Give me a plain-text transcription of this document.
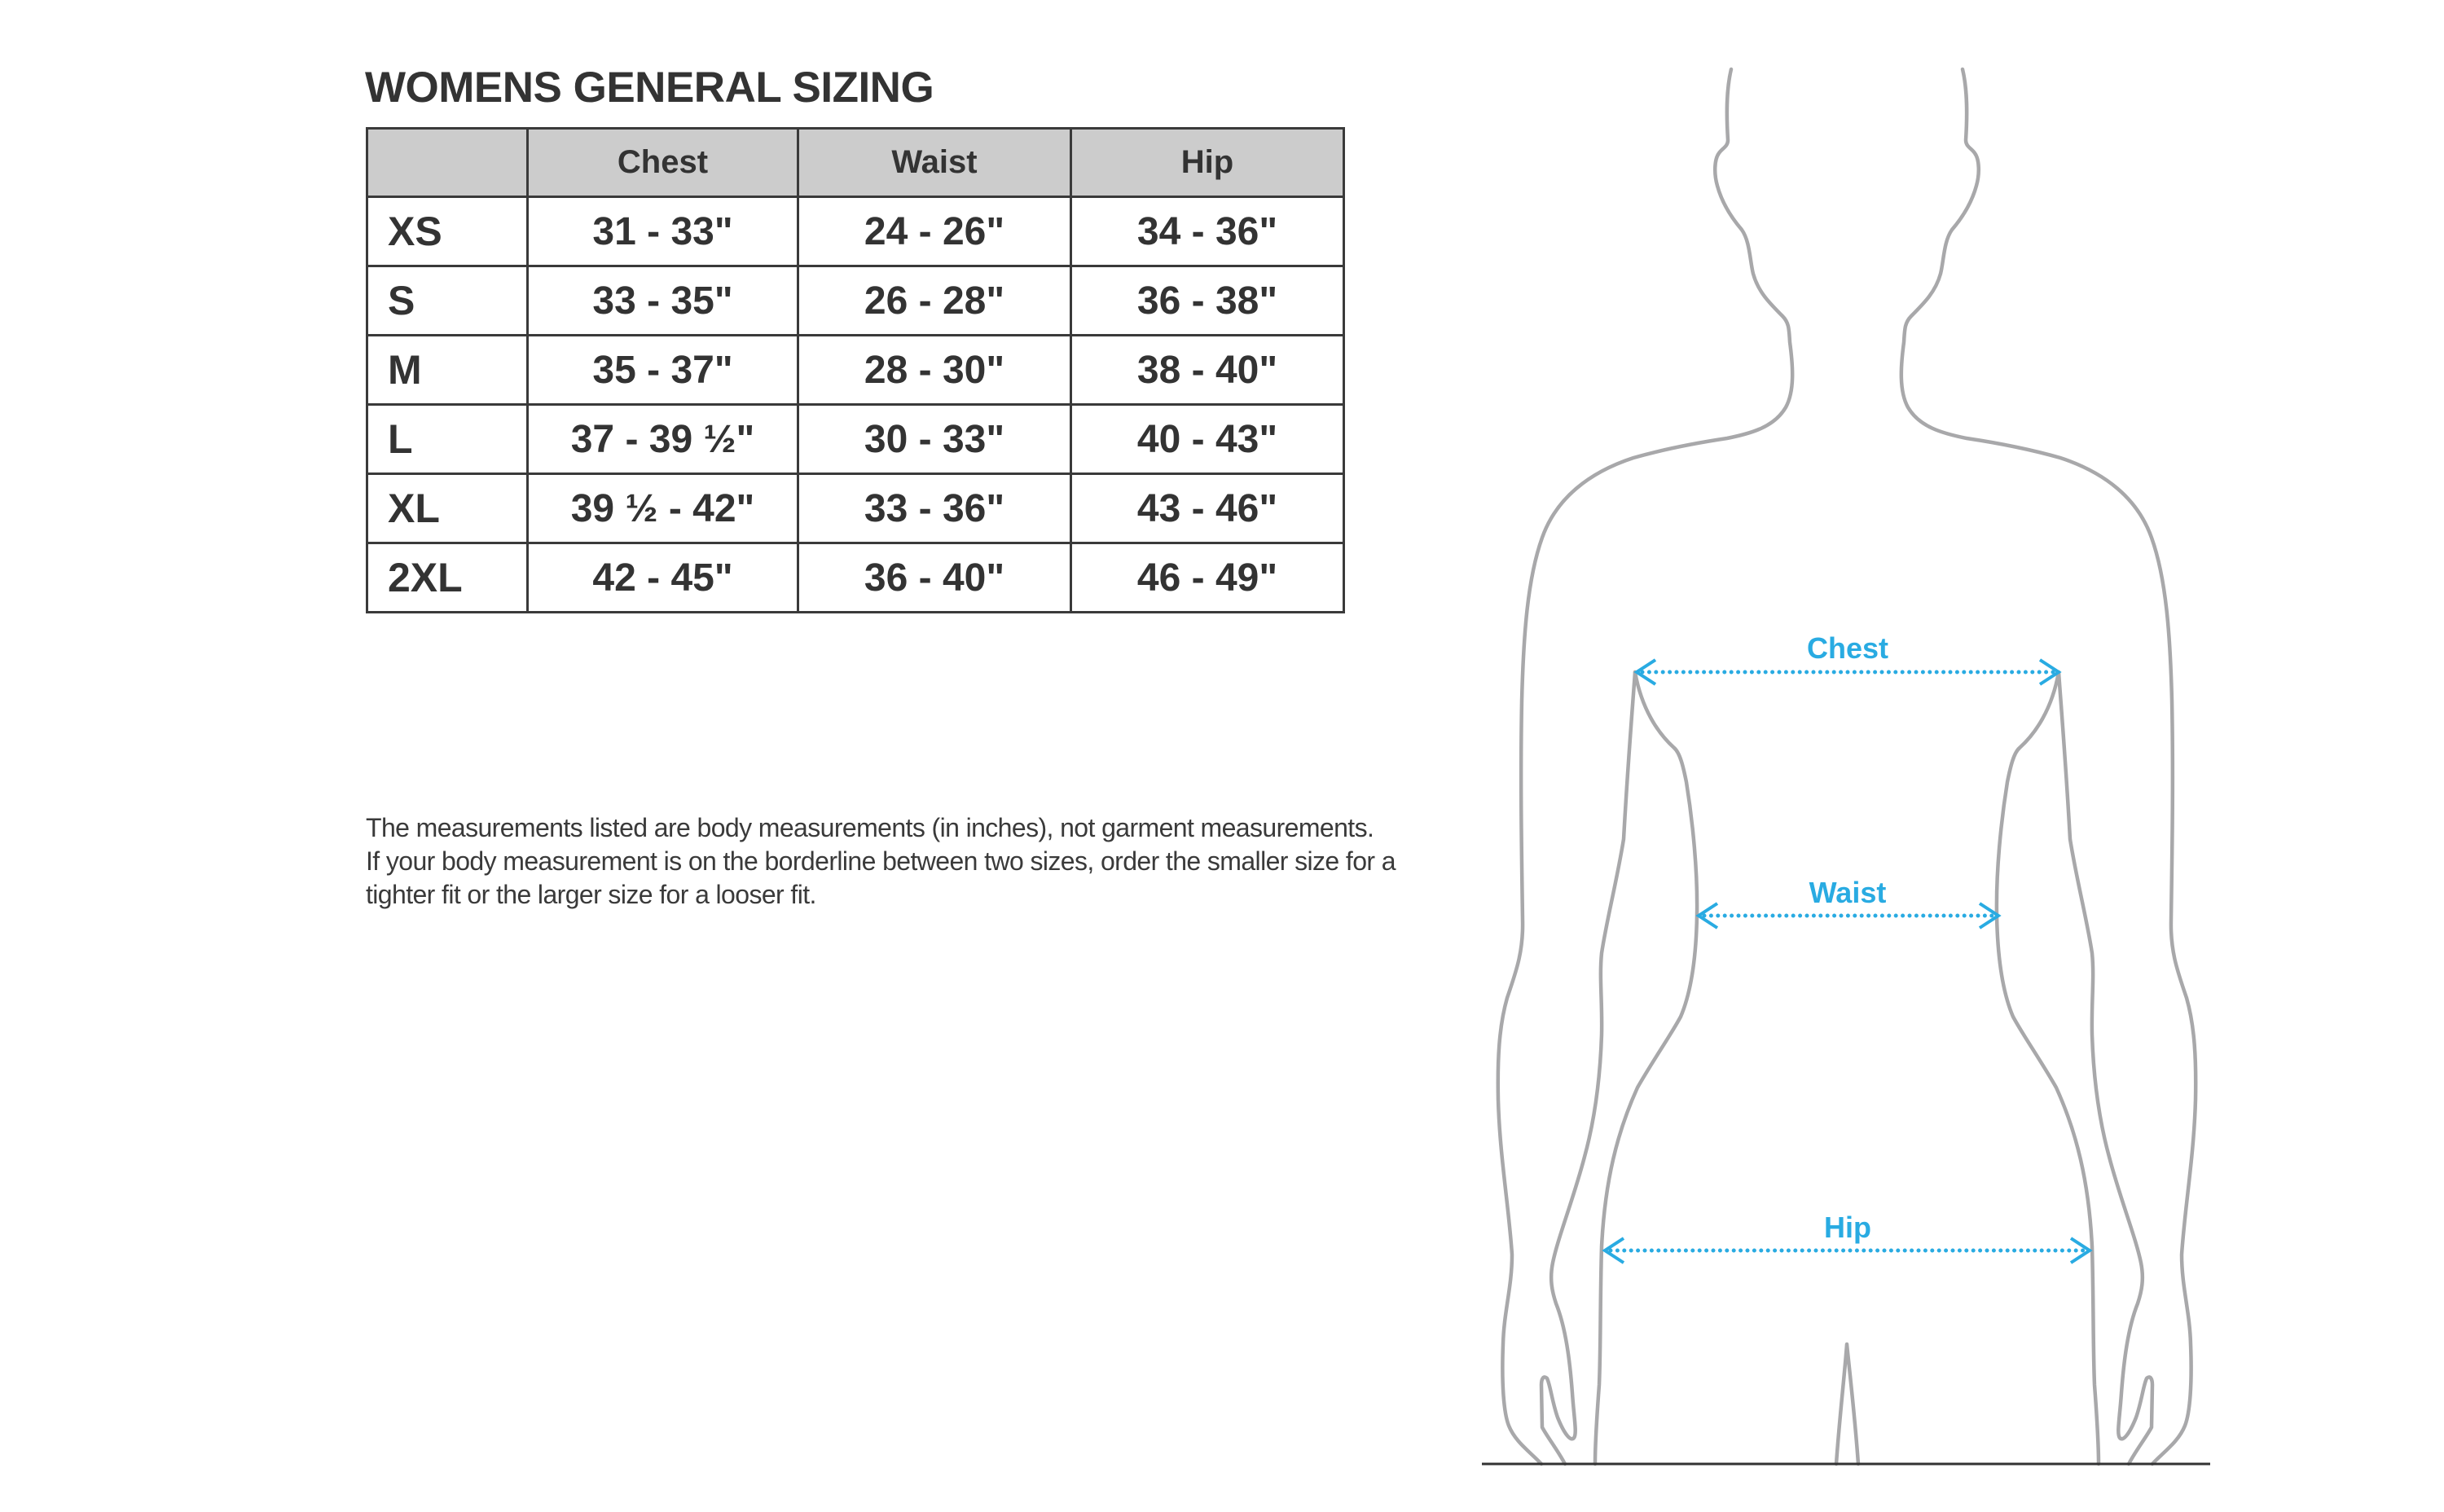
WOMENS GENERAL SIZING
	Chest	Waist	Hip
XS	31 - 33"	24 - 26"	34 - 36"
S	33 - 35"	26 - 28"	36 - 38"
M	35 - 37"	28 - 30"	38 - 40"
L	37 - 39 ½"	30 - 33"	40 - 43"
XL	39 ½ - 42"	33 - 36"	43 - 46"
2XL	42 - 45"	36 - 40"	46 - 49"
The measurements listed are body measurements (in inches), not garment measurements.
If your body measurement is on the borderline between two sizes, order the smaller size for a
tighter fit or the larger size for a looser fit.
Chest
Waist
Hip
